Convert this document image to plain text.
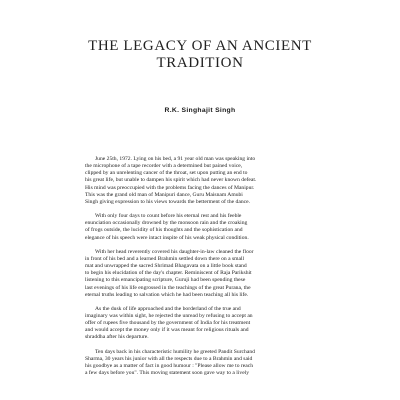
THE LEGACY OF AN ANCIENT
TRADITION
R.K. Singhajit Singh
June 25th, 1972. Lying on his bed, a 91 year old man was speaking into
the microphone of a tape recorder with a determined but pained voice,
clipped by an unrelenting cancer of the throat, set upon putting an end to
his great life, but unable to dampen his spirit which had never known defeat.
His mind was preoccupied with the problems facing the dances of Manipur.
This was the grand old man of Manipuri dance, Guru Maisnam Amubi
Singh giving expression to his views towards the betterment of the dance.
With only four days to count before his eternal rest and his feeble
enunciation occasionally drowned by the monsoon rain and the croaking
of frogs outside, the lucidity of his thoughts and the sophistication and
elegance of his speech were intact inspite of his weak physical condition.
With her head reverently covered his daughter-in-law cleaned the floor
in front of his bed and a learned Brahmin settled down there on a small
mat and unwrapped the sacred Shrimad Bhagavata on a little book stand
to begin his elucidation of the day's chapter. Reminiscent of Raja Parikshit
listening to this emancipating scripture, Guruji had been spending these
last evenings of his life engrossed in the teachings of the great Purana, the
eternal truths leading to salvation which he had been teaching all his life.
As the dusk of life approached and the borderland of the true and
imaginary was within sight, he rejected the unread by refusing to accept an
offer of rupees five thousand by the government of India for his treatment
and would accept the money only if it was meant for religious rituals and
shraddha after his departure.
Ten days back in his characteristic humility he greeted Pandit Surchand
Sharma, 30 years his junior with all the respects due to a Brahmin and said
his goodbye as a matter of fact in good humour : "Please allow me to reach
a few days before you". This moving statement soon gave way to a lively
